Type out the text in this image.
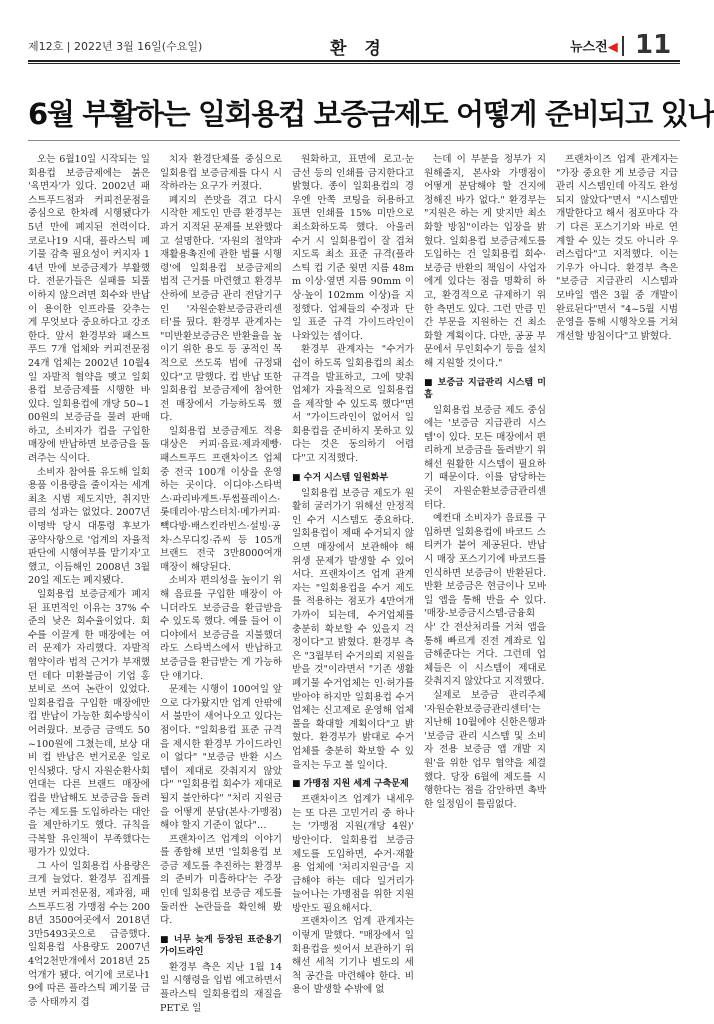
제12호 | 2022년 3월 16일(수요일)	환 경	뉴스전◀ 11
6월 부활하는 일회용컵 보증금제도 어떻게 준비되고 있나

오는 6월10일 시작되는 일회용컵 보증금제에는 붉은 '육면자'가 있다. 2002년 패스트푸드점과 커피전문점을 중심으로 한차례 시행됐다가 5년 만에 폐지된 전력이다. 코로나19 시대, 플라스틱 폐기물 감축 필요성이 커지자 14년 만에 보증금제가 부활했다. 전문가들은 실패를 되풀이하지 않으려면 회수와 반납이 용이한 인프라를 갖추는 게 무엇보다 중요하다고 강조한다. 앞서 환경부와 패스트푸드 7개 업체와 커피전문점 24개 업체는 2002년 10월4일 자발적 협약을 맺고 일회용컵 보증금제를 시행한 바 있다. 일회용컵에 개당 50~100원의 보증금을 물려 판매하고, 소비자가 컵을 구입한 매장에 반납하면 보증금을 돌려주는 식이다.

소비자 참여를 유도해 일회용품 이용량을 줄이자는 세계 최초 시범 제도지만, 취지만큼의 성과는 없었다. 2007년 이명박 당시 대통령 후보가 공약사항으로 '업계의 자율적 판단에 시행여부를 맡기자'고 했고, 이듬해인 2008년 3월20일 제도는 폐지됐다.

일회용컵 보증금제가 폐지된 표면적인 이유는 37% 수준의 낮은 회수율이었다. 회수를 이끌게 한 매장에는 여러 문제가 자리했다. 자발적 협약이라 법적 근거가 부재했던 데다 미환불금이 기업 홍보비로 쓰여 논란이 있었다. 일회용컵을 구입한 매장에만 컵 반납이 가능한 회수방식이 어려웠다. 보증금 금액도 50~100원에 그쳤는데, 보상 대비 컵 반납은 번거로운 일로 인식됐다. 당시 자원순환사회연대는 다른 브랜드 매장에 컵을 반납해도 보증금을 돌려주는 제도를 도입하라는 대안을 제안하기도 했다. 규칙을 극복할 유인책이 부족했다는 평가가 있었다.

그 사이 일회용컵 사용량은 크게 늘었다. 환경부 집계를 보면 커피전문점, 제과점, 패스트푸드점 가맹점 수는 2008년 3500여곳에서 2018년 3만5493곳으로 급증했다. 일회용컵 사용량도 2007년 4억2천만개에서 2018년 25억개가 됐다. 여기에 코로나19에 따른 플라스틱 폐기물 급증 사태까지 겹

치자 환경단체를 중심으로 일회용컵 보증금제를 다시 시작하라는 요구가 커졌다.

폐지의 쓴맛을 겪고 다시 시작한 제도인 만큼 환경부는 과거 지적된 문제를 보완했다고 설명한다. '자원의 절약과 재활용촉진에 관한 법률 시행령'에 일회용컵 보증금제의 법적 근거를 마련했고 환경부 산하에 보증금 관리 전담기구인 '자원순환보증금관리센터'를 뒀다. 환경부 관계자는 "미반환보증금은 반환율을 높이기 위한 용도 등 공적인 목적으로 쓰도록 법에 규정돼 있다"고 말했다. 컵 반납 또한 일회용컵 보증금제에 참여한 전 매장에서 가능하도록 했다.

일회용컵 보증금제도 적용 대상은 커피·음료·제과제빵·패스트푸드 프랜차이즈 업체 중 전국 100개 이상을 운영하는 곳이다. 이디야·스타벅스·파리바게트·투썸플레이스·롯데리아·맘스터치·메가커피·빽다방·배스킨라빈스·설빙·공차·스무디킹·쥬씨 등 105개 브랜드 전국 3만8000여개 매장이 해당된다.

소비자 편의성을 높이기 위해 음료를 구입한 매장이 아니더라도 보증금을 환급받을 수 있도록 했다. 예를 들어 이디야에서 보증금을 지불했더라도 스타벅스에서 반납하고 보증금을 환급받는 게 가능하단 얘기다.

문제는 시행이 100여일 앞으로 다가왔지만 업계 안팎에서 불만이 새어나오고 있다는 점이다. "일회용컵 표준 규격을 제시한 환경부 가이드라인이 없다" "보증금 반환 시스템이 제대로 갖춰지지 않았다" "일회용컵 회수가 제대로 될지 불안하다" "처리 지원금을 어떻게 분담(본사·가맹점)해야 할지 기준이 없다"…

프랜차이즈 업계의 이야기를 종합해 보면 '일회용컵 보증금 제도를 추진하는 환경부의 준비가 미흡하다'는 주장인데 일회용컵 보증금 제도를 둘러싼 논란들을 확인해 봤다.

■ 너무 늦게 등장된 표준용기 가이드라인

환경부 측은 지난 1월 14일 시행령을 입법 예고하면서 플라스틱 일회용컵의 재질을 PET로 일

원화하고, 표면에 로고·눈금선 등의 인쇄를 금지한다고 밝혔다. 종이 일회용컵의 경우엔 안쪽 코팅을 허용하고 표면 인쇄를 15% 미만으로 최소화하도록 했다. 아울러 수거 시 일회용컵이 잘 겹쳐지도록 최소 표준 규격(플라스틱 컵 기준 윗면 지름 48mm 이상·옆면 지름 90mm 이상·높이 102mm 이상)을 지정했다. 업체들의 수정과 단일 표준 규격 가이드라인이 나와있는 셈이다.

환경부 관계자는 "수거가 쉽이 하도록 일회용컵의 최소 규격을 발표하고, 그에 맞춰 업체가 자율적으로 일회용컵을 제작할 수 있도록 했다"면서 "가이드라인이 없어서 일회용컵을 준비하지 못하고 있다는 것은 동의하기 어렵다"고 지적했다.

■ 수거 시스템 일원화부

일회용컵 보증금 제도가 원활히 굴러가기 위해선 안정적인 수거 시스템도 중요하다. 일회용컵이 제때 수거되지 않으면 매장에서 보관해야 해 위생 문제가 발생할 수 있어서다. 프랜차이즈 업계 관계자는 "일회용컵을 수거 제도를 적용하는 점포가 4만여개 가까이 되는데, 수거업체를 충분히 확보할 수 있을지 걱정이다"고 밝혔다. 환경부 측은 "3월부터 수거의뢰 지원을 받을 것"이라면서 "기존 생활폐기물 수거업체는 인·허가를 받아야 하지만 일회용컵 수거업체는 신고제로 운영해 업체 풀을 확대할 계획이다"고 밝혔다. 환경부가 밝대로 수거업체를 충분히 확보할 수 있을지는 두고 볼 일이다.

■ 가맹점 지원 세계 구축문제

프랜차이즈 업계가 내세우는 또 다른 고민거리 중 하나는 '가맹점 지원(개당 4원)' 방안이다. 일회용컵 보증금 제도를 도입하면, 수거·재활용 업체에 '처리지원금'을 지급해야 하는 데다 일거리가 늘어나는 가맹점을 위한 지원 방안도 필요해서다.

프랜차이즈 업계 관계자는 이렇게 말했다. "매장에서 일회용컵을 씻어서 보관하기 위해선 세척 기기나 별도의 세척 공간을 마련해야 한다. 비용이 발생할 수밖에 없

는데 이 부분을 정부가 지원해줄지, 본사와 가맹점이 어떻게 분담해야 할 건지에 정해진 바가 없다." 환경부는 "지원은 하는 게 맞지만 최소화할 방침"이라는 입장을 밝혔다. 일회용컵 보증금제도를 도입하는 건 일회용컵 회수·보증금 반환의 책임이 사업자에게 있다는 점을 명확히 하고, 환경적으로 규제하기 위한 측면도 있다. 그런 만큼 민간 부문을 지원하는 건 최소화할 계획이다. 다만, 공공 부문에서 무인회수기 등을 설치해 지원할 것이다."

■ 보증금 지급관리 시스템 미흡

일회용컵 보증금 제도 중심에는 '보증금 지급관리 시스템'이 있다. 모든 매장에서 편리하게 보증금을 돌려받기 위해선 원활한 시스템이 필요하기 때문이다. 이를 담당하는 곳이 자원순환보증금관리센터다.

예컨대 소비자가 음료를 구입하면 일회용컵에 바코드 스티커가 붙어 제공된다. 반납 시 매장 포스기기에 바코드를 인식하면 보증금이 반환된다. 반환 보증금은 현금이나 모바일 앱을 통해 반을 수 있다. '매장-보증금시스템-금융회사' 간 전산처리를 거쳐 앱을 통해 빠르게 진전 계좌로 입금해준다는 거다. 그런데 업체들은 이 시스템이 제대로 갖춰지지 않았다고 지적했다.

실제로 보증금 관리주체 '자원순환보증금관리센터'는 지난해 10월에야 신한은행과 '보증금 관리 시스템 및 소비자 전용 보증금 앱 개발 지원'을 위한 업무 협약을 체결했다. 당장 6월에 제도를 시행한다는 점을 감안하면 촉박한 일정임이 틀림없다.

프랜차이즈 업계 관계자는 "가장 중요한 게 보증금 지급관리 시스템인데 아직도 완성되지 않았다"면서 "시스템만 개발한다고 해서 점포마다 각기 다른 포스기기와 바로 연계할 수 있는 것도 아니라 우려스럽다"고 지적했다. 이는 기우가 아니다. 환경부 측은 "보증금 지급관리 시스템과 모바일 앱은 3월 중 개발이 완료된다"면서 "4~5월 시범운영을 통해 시행착오를 거쳐 개선할 방침이다"고 밝혔다.
